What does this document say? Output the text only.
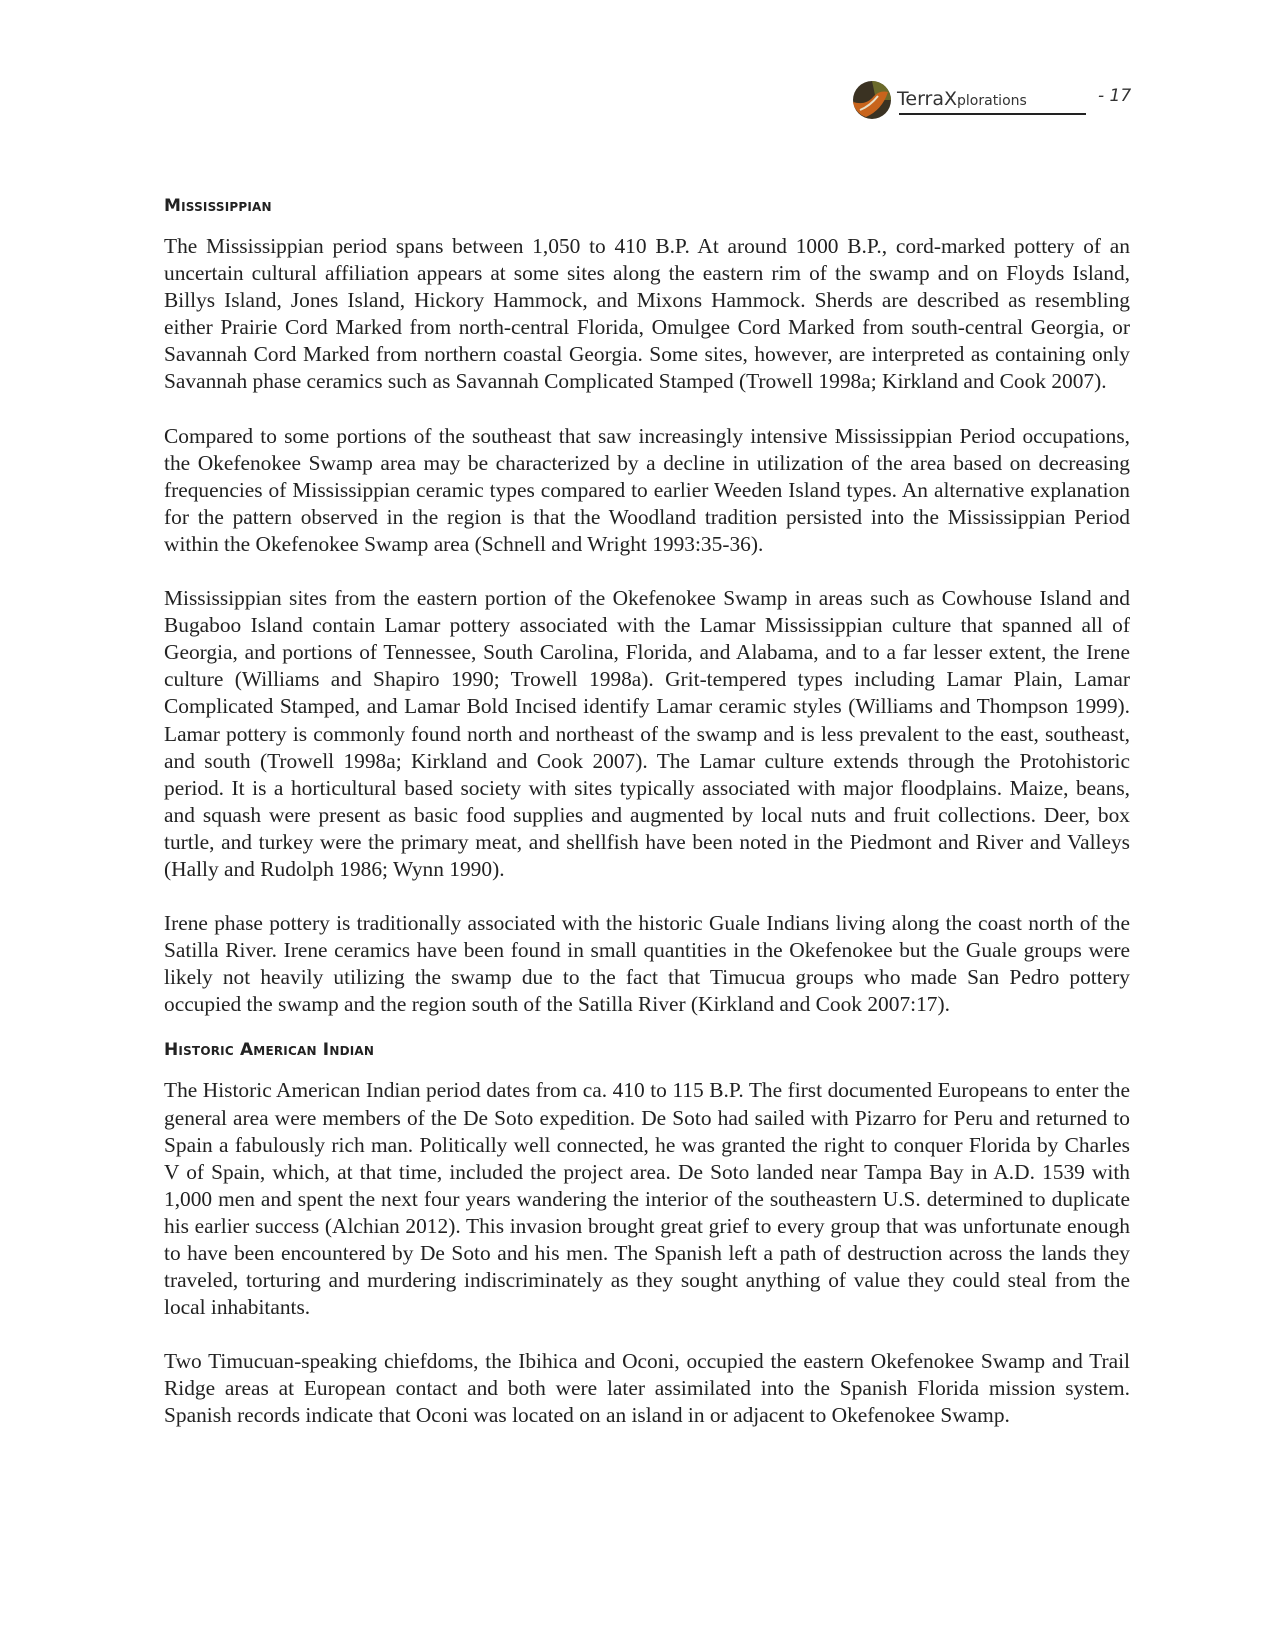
TerraXplorations	- 17
Mississippian

The Mississippian period spans between 1,050 to 410 B.P. At around 1000 B.P., cord-marked pottery of an uncertain cultural affiliation appears at some sites along the eastern rim of the swamp and on Floyds Island, Billys Island, Jones Island, Hickory Hammock, and Mixons Hammock. Sherds are described as resembling either Prairie Cord Marked from north-central Florida, Omulgee Cord Marked from south-central Georgia, or Savannah Cord Marked from northern coastal Georgia. Some sites, however, are interpreted as containing only Savannah phase ceramics such as Savannah Complicated Stamped (Trowell 1998a; Kirkland and Cook 2007).

Compared to some portions of the southeast that saw increasingly intensive Mississippian Period occupations, the Okefenokee Swamp area may be characterized by a decline in utilization of the area based on decreasing frequencies of Mississippian ceramic types compared to earlier Weeden Island types. An alternative explanation for the pattern observed in the region is that the Woodland tradition persisted into the Mississippian Period within the Okefenokee Swamp area (Schnell and Wright 1993:35-36).

Mississippian sites from the eastern portion of the Okefenokee Swamp in areas such as Cowhouse Island and Bugaboo Island contain Lamar pottery associated with the Lamar Mississippian culture that spanned all of Georgia, and portions of Tennessee, South Carolina, Florida, and Alabama, and to a far lesser extent, the Irene culture (Williams and Shapiro 1990; Trowell 1998a). Grit-tempered types including Lamar Plain, Lamar Complicated Stamped, and Lamar Bold Incised identify Lamar ceramic styles (Williams and Thompson 1999). Lamar pottery is commonly found north and northeast of the swamp and is less prevalent to the east, southeast, and south (Trowell 1998a; Kirkland and Cook 2007). The Lamar culture extends through the Protohistoric period. It is a horticultural based society with sites typically associated with major floodplains. Maize, beans, and squash were present as basic food supplies and augmented by local nuts and fruit collections. Deer, box turtle, and turkey were the primary meat, and shellfish have been noted in the Piedmont and River and Valleys (Hally and Rudolph 1986; Wynn 1990).

Irene phase pottery is traditionally associated with the historic Guale Indians living along the coast north of the Satilla River. Irene ceramics have been found in small quantities in the Okefenokee but the Guale groups were likely not heavily utilizing the swamp due to the fact that Timucua groups who made San Pedro pottery occupied the swamp and the region south of the Satilla River (Kirkland and Cook 2007:17).

Historic American Indian

The Historic American Indian period dates from ca. 410 to 115 B.P. The first documented Europeans to enter the general area were members of the De Soto expedition. De Soto had sailed with Pizarro for Peru and returned to Spain a fabulously rich man. Politically well connected, he was granted the right to conquer Florida by Charles V of Spain, which, at that time, included the project area. De Soto landed near Tampa Bay in A.D. 1539 with 1,000 men and spent the next four years wandering the interior of the southeastern U.S. determined to duplicate his earlier success (Alchian 2012). This invasion brought great grief to every group that was unfortunate enough to have been encountered by De Soto and his men. The Spanish left a path of destruction across the lands they traveled, torturing and murdering indiscriminately as they sought anything of value they could steal from the local inhabitants.

Two Timucuan-speaking chiefdoms, the Ibihica and Oconi, occupied the eastern Okefenokee Swamp and Trail Ridge areas at European contact and both were later assimilated into the Spanish Florida mission system. Spanish records indicate that Oconi was located on an island in or adjacent to Okefenokee Swamp.
